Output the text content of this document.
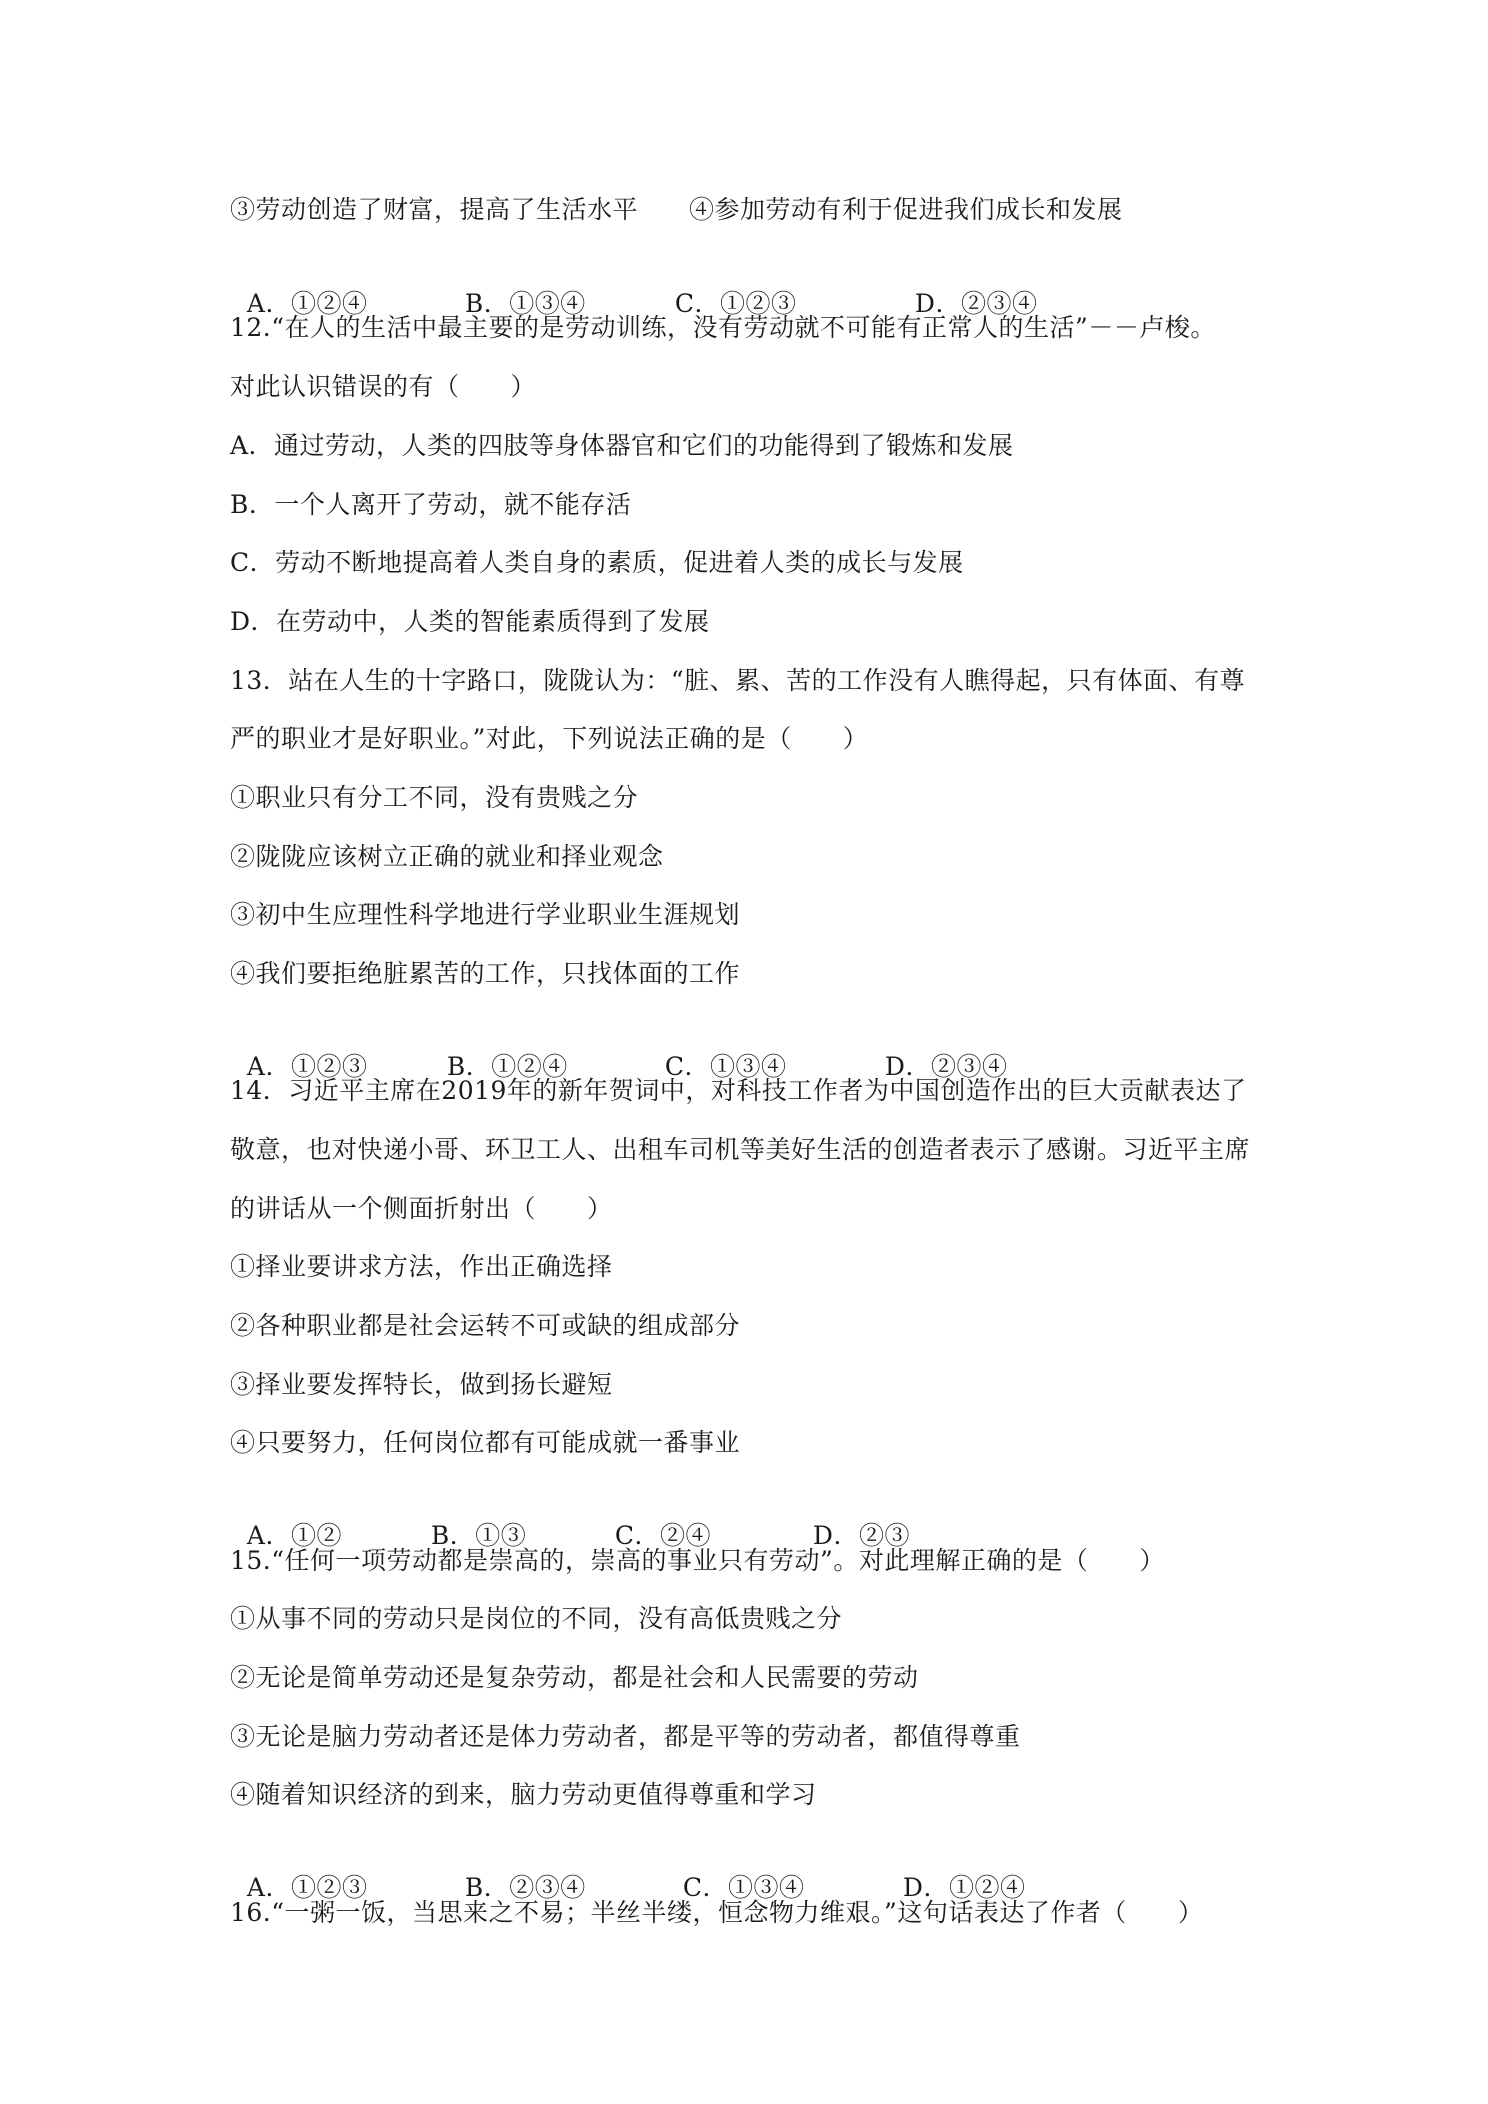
③劳动创造了财富，提高了生活水平　　④参加劳动有利于促进我们成长和发展

A．①②④	B．①③④	C．①②③	D．②③④

12.“在人的生活中最主要的是劳动训练，没有劳动就不可能有正常人的生活”－－卢梭。
对此认识错误的有（　　）
A．通过劳动，人类的四肢等身体器官和它们的功能得到了锻炼和发展
B．一个人离开了劳动，就不能存活
C．劳动不断地提高着人类自身的素质，促进着人类的成长与发展
D．在劳动中，人类的智能素质得到了发展
13．站在人生的十字路口，陇陇认为：“脏、累、苦的工作没有人瞧得起，只有体面、有尊
严的职业才是好职业。”对此，下列说法正确的是（　　）
①职业只有分工不同，没有贵贱之分
②陇陇应该树立正确的就业和择业观念
③初中生应理性科学地进行学业职业生涯规划
④我们要拒绝脏累苦的工作，只找体面的工作

A．①②③	B．①②④	C．①③④	D．②③④

14．习近平主席在2019年的新年贺词中，对科技工作者为中国创造作出的巨大贡献表达了
敬意，也对快递小哥、环卫工人、出租车司机等美好生活的创造者表示了感谢。习近平主席
的讲话从一个侧面折射出（　　）
①择业要讲求方法，作出正确选择
②各种职业都是社会运转不可或缺的组成部分
③择业要发挥特长，做到扬长避短
④只要努力，任何岗位都有可能成就一番事业

A．①②	B．①③	C．②④	D．②③

15.“任何一项劳动都是崇高的，崇高的事业只有劳动”。对此理解正确的是（　　）
①从事不同的劳动只是岗位的不同，没有高低贵贱之分
②无论是简单劳动还是复杂劳动，都是社会和人民需要的劳动
③无论是脑力劳动者还是体力劳动者，都是平等的劳动者，都值得尊重
④随着知识经济的到来，脑力劳动更值得尊重和学习

A．①②③	B．②③④	C．①③④	D．①②④

16.“一粥一饭，当思来之不易；半丝半缕，恒念物力维艰。”这句话表达了作者（　　）
